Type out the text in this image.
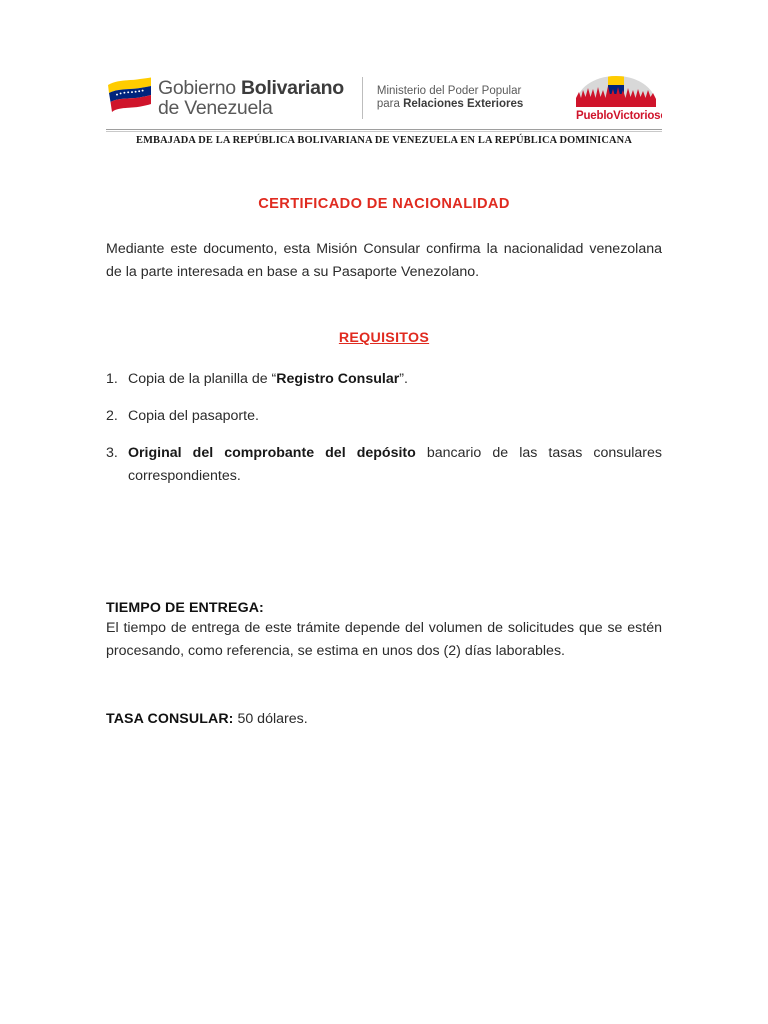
Gobierno Bolivariano
de Venezuela
Ministerio del Poder Popular
para Relaciones Exteriores
PuebloVictorioso
EMBAJADA DE LA REPÚBLICA BOLIVARIANA DE VENEZUELA EN LA REPÚBLICA DOMINICANA
CERTIFICADO DE NACIONALIDAD

Mediante este documento, esta Misión Consular confirma la nacionalidad venezolana de la parte interesada en base a su Pasaporte Venezolano.

REQUISITOS
Copia de la planilla de “Registro Consular”.
Copia del pasaporte.
Original del comprobante del depósito bancario de las tasas consulares correspondientes.
TIEMPO DE ENTREGA:

El tiempo de entrega de este trámite depende del volumen de solicitudes que se estén procesando, como referencia, se estima en unos dos (2) días laborables.

TASA CONSULAR: 50 dólares.
